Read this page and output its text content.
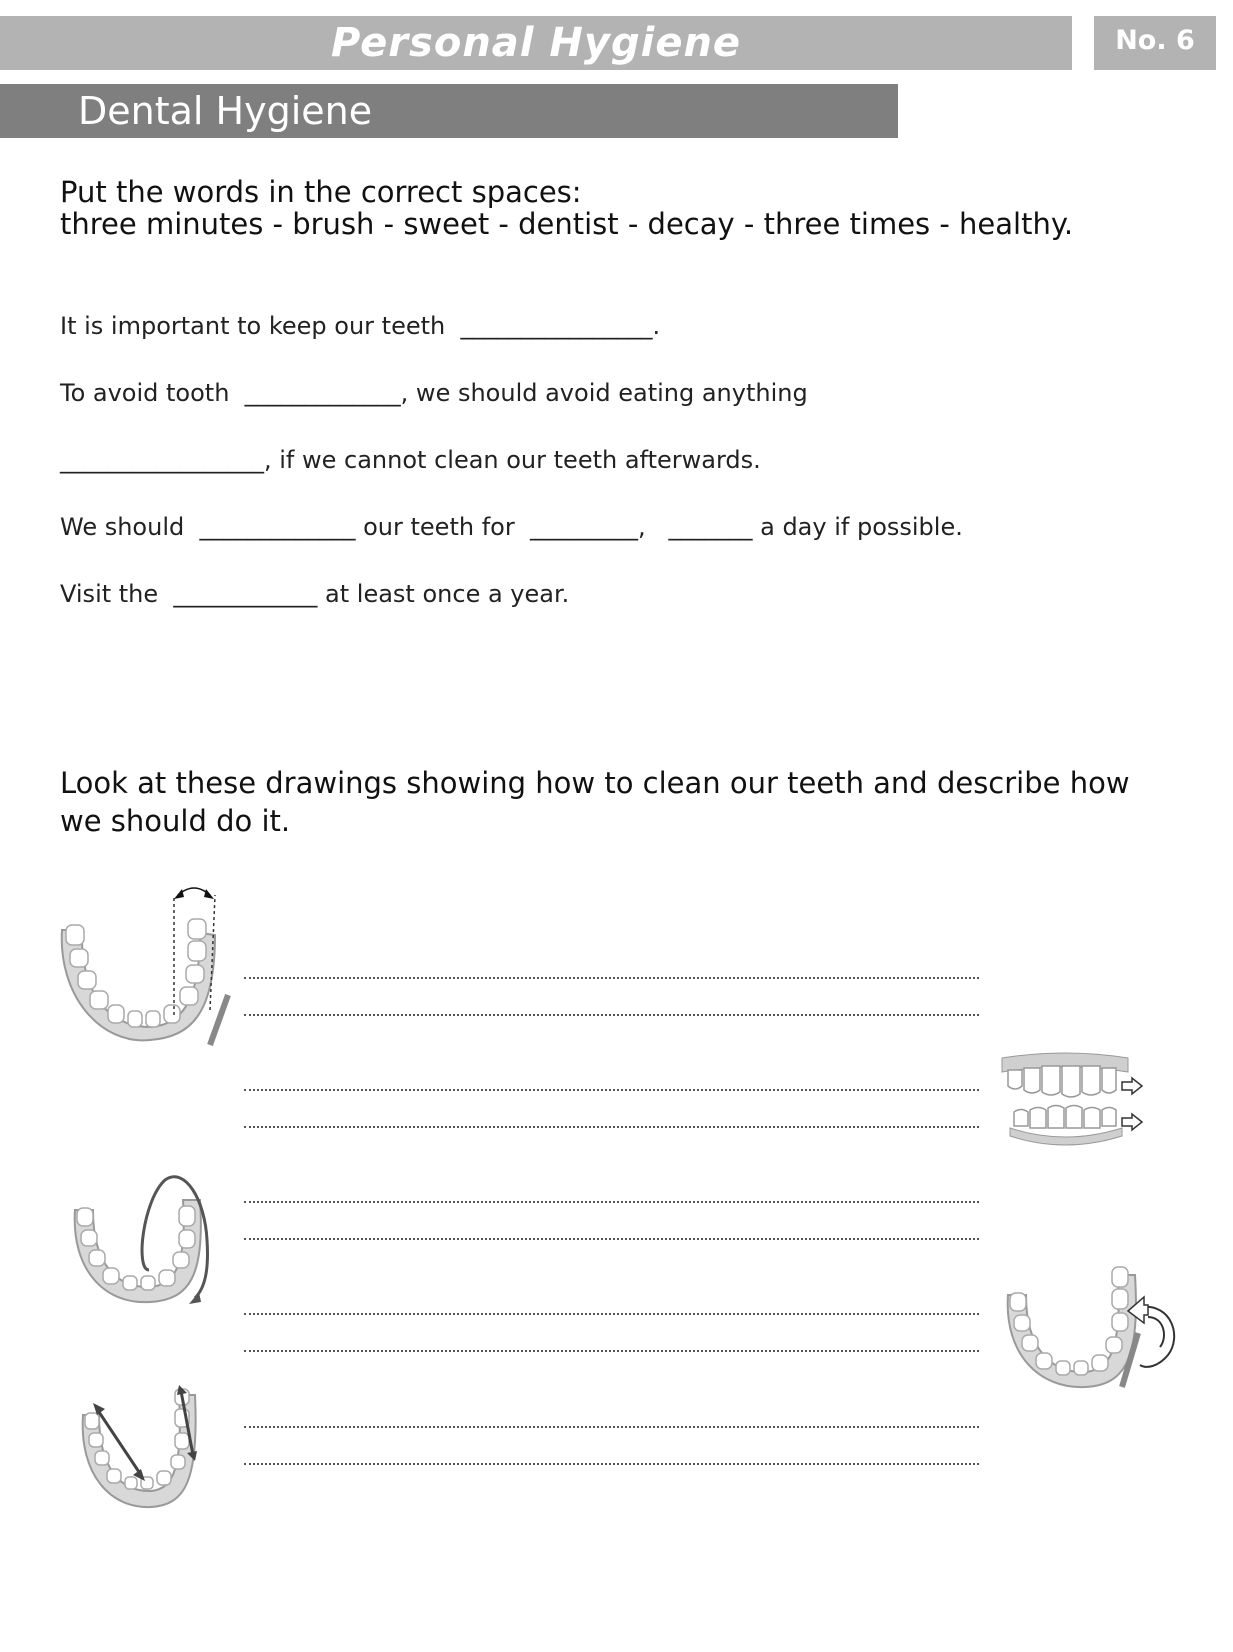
Personal Hygiene	No. 6
Dental Hygiene
Put the words in the correct spaces:
three minutes - brush - sweet - dentist - decay - three times - healthy.
It is important to keep our teeth  ________________.
To avoid tooth  _____________, we should avoid eating anything
_________________, if we cannot clean our teeth afterwards.
We should  _____________ our teeth for  _________,   _______ a day if possible.
Visit the  ____________ at least once a year.
Look at these drawings showing how to clean our teeth and describe how we should do it.
